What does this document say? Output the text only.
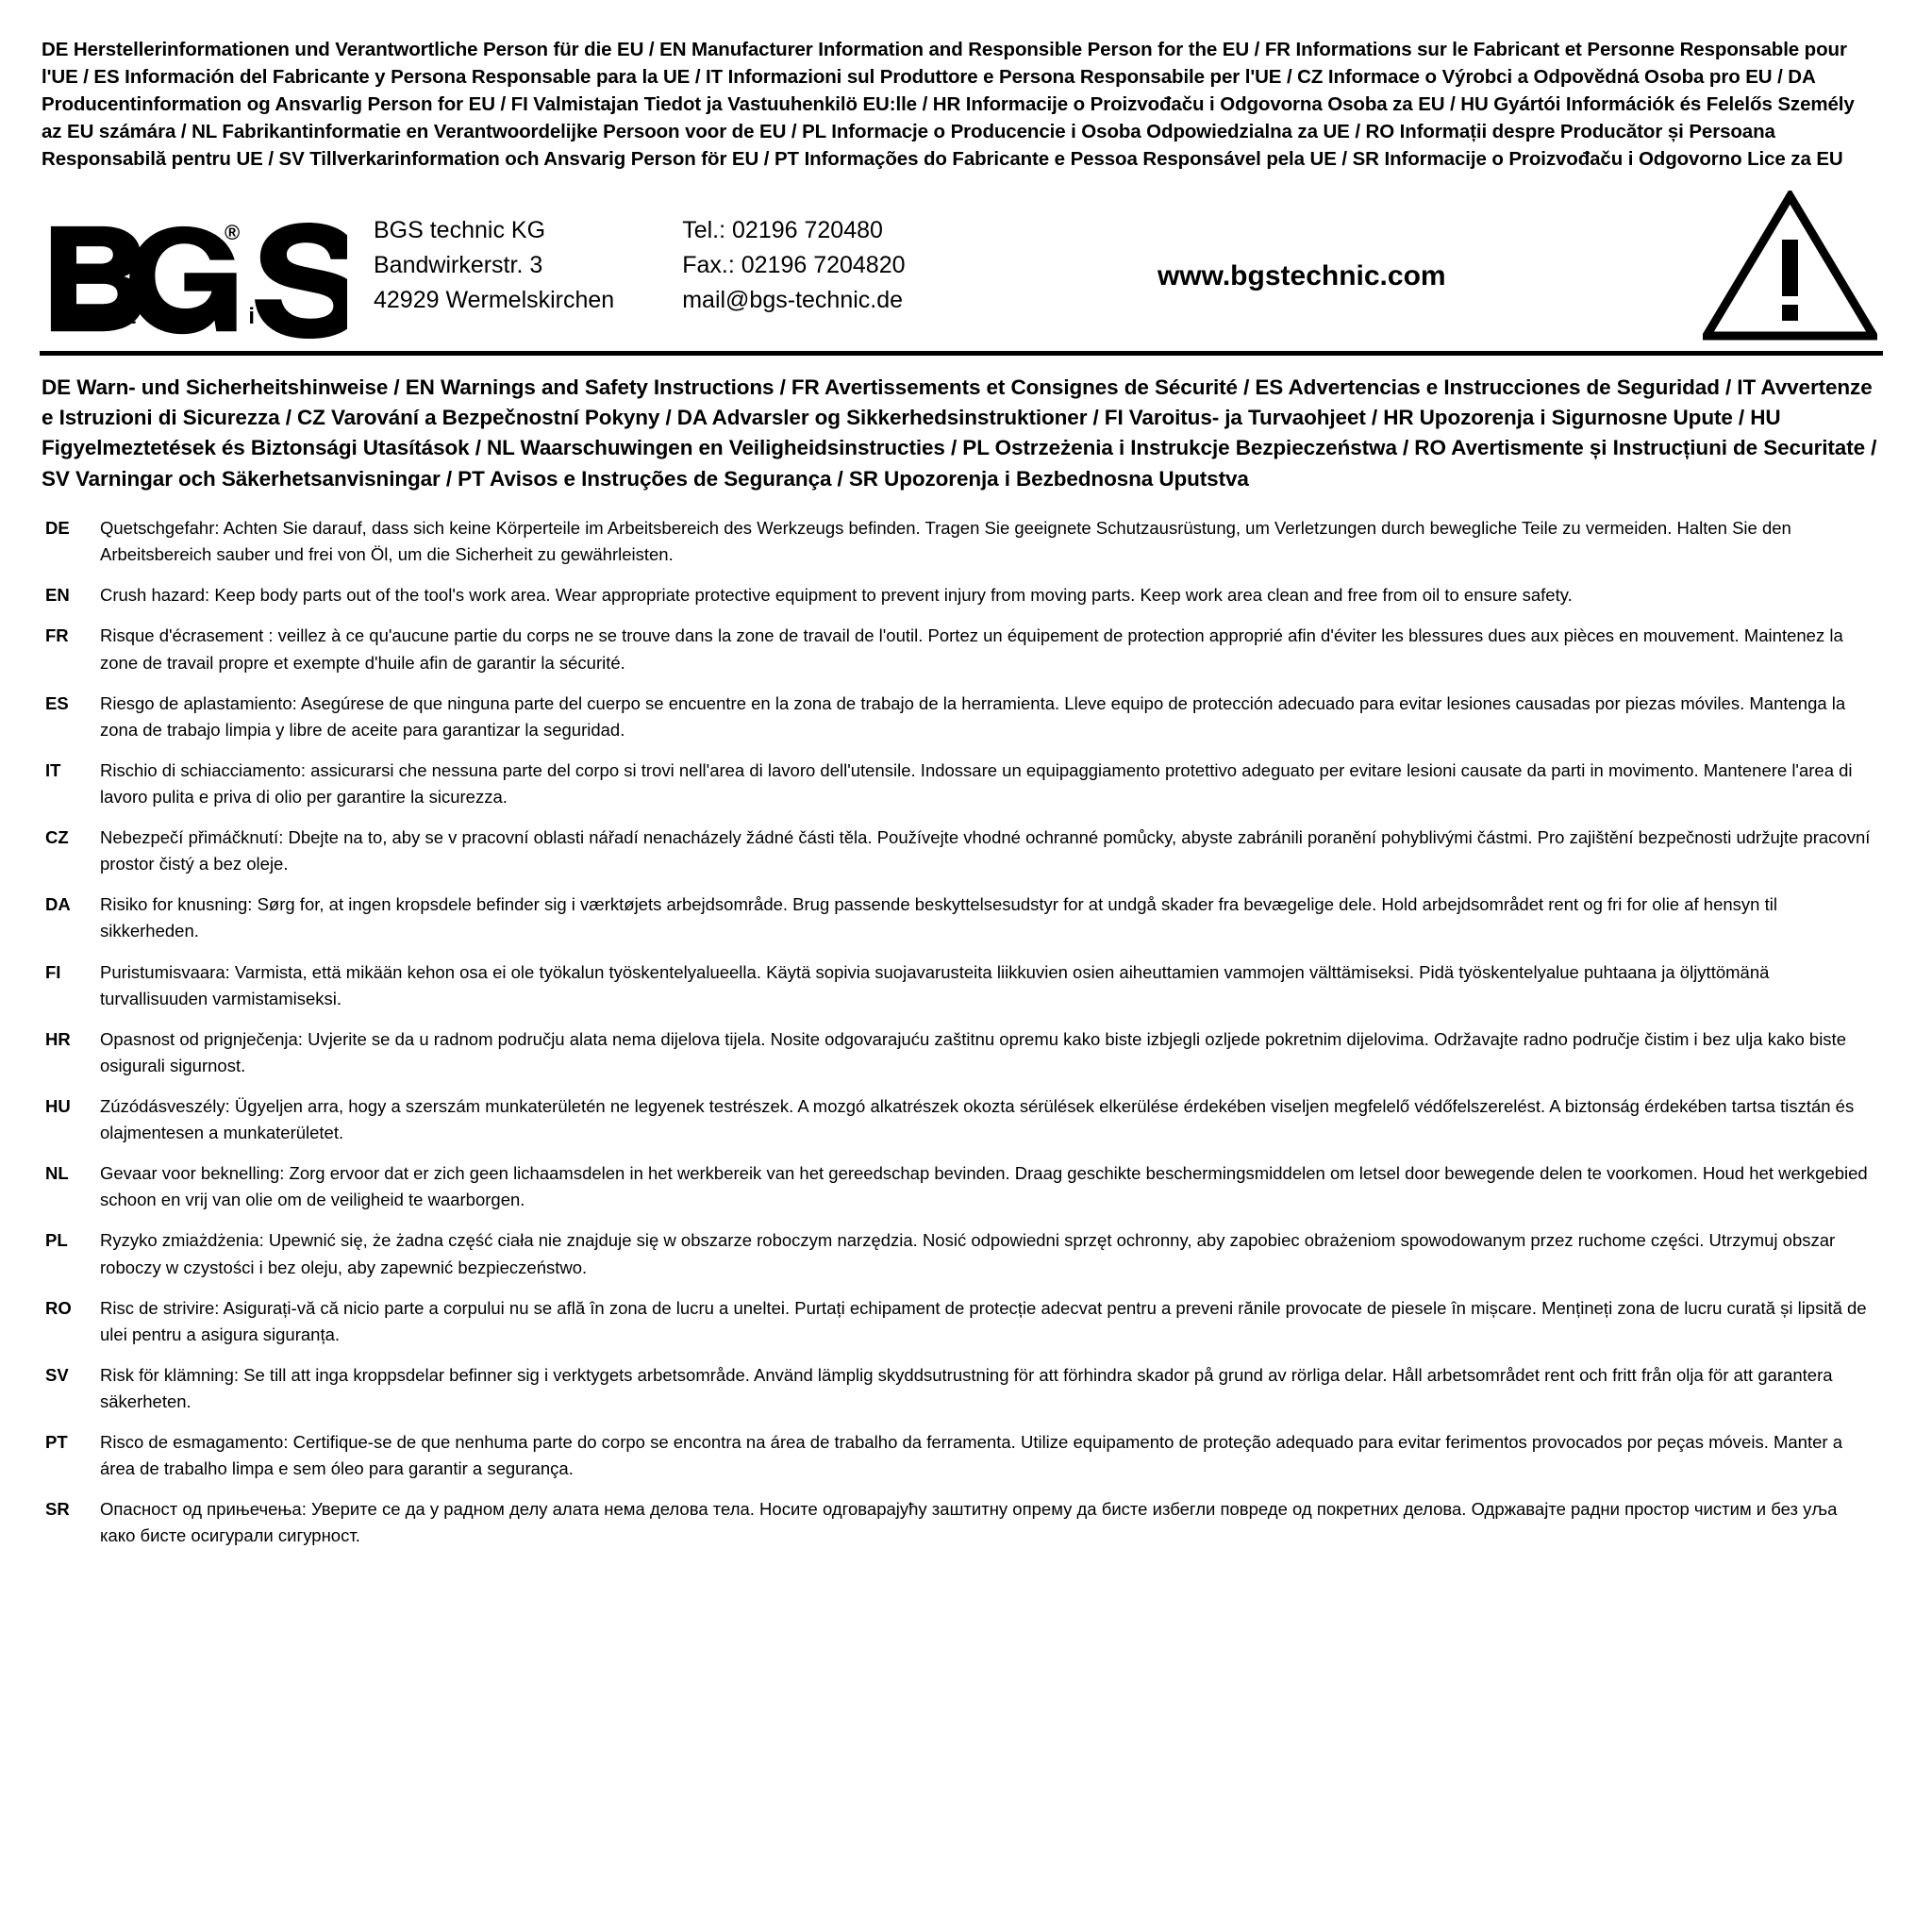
DE Herstellerinformationen und Verantwortliche Person für die EU / EN Manufacturer Information and Responsible Person for the EU / FR Informations sur le Fabricant et Personne Responsable pour l'UE / ES Información del Fabricante y Persona Responsable para la UE / IT Informazioni sul Produttore e Persona Responsabile per l'UE / CZ Informace o Výrobci a Odpovědná Osoba pro EU / DA Producentinformation og Ansvarlig Person for EU / FI Valmistajan Tiedot ja Vastuuhenkilö EU:lle / HR Informacije o Proizvođaču i Odgovorna Osoba za EU / HU Gyártói Információk és Felelős Személy az EU számára / NL Fabrikantinformatie en Verantwoordelijke Persoon voor de EU / PL Informacje o Producencie i Osoba Odpowiedzialna za UE / RO Informații despre Producător și Persoana Responsabilă pentru UE / SV Tillverkarinformation och Ansvarig Person för EU / PT Informações do Fabricante e Pessoa Responsável pela UE / SR Informacije o Proizvođaču i Odgovorno Lice za EU
®
t e c h n i c
BGS technic KG
Bandwirkerstr. 3
42929 Wermelskirchen
Tel.: 02196 720480
Fax.: 02196 7204820
mail@bgs-technic.de
www.bgstechnic.com
DE Warn- und Sicherheitshinweise / EN Warnings and Safety Instructions / FR Avertissements et Consignes de Sécurité / ES Advertencias e Instrucciones de Seguridad / IT Avvertenze e Istruzioni di Sicurezza / CZ Varování a Bezpečnostní Pokyny / DA Advarsler og Sikkerhedsinstruktioner / FI Varoitus- ja Turvaohjeet / HR Upozorenja i Sigurnosne Upute / HU Figyelmeztetések és Biztonsági Utasítások / NL Waarschuwingen en Veiligheidsinstructies / PL Ostrzeżenia i Instrukcje Bezpieczeństwa / RO Avertismente și Instrucțiuni de Securitate / SV Varningar och Säkerhetsanvisningar / PT Avisos e Instruções de Segurança / SR Upozorenja i Bezbednosna Uputstva
DE	Quetschgefahr: Achten Sie darauf, dass sich keine Körperteile im Arbeitsbereich des Werkzeugs befinden. Tragen Sie geeignete Schutzausrüstung, um Verletzungen durch bewegliche Teile zu vermeiden. Halten Sie den Arbeitsbereich sauber und frei von Öl, um die Sicherheit zu gewährleisten.
EN	Crush hazard: Keep body parts out of the tool's work area. Wear appropriate protective equipment to prevent injury from moving parts. Keep work area clean and free from oil to ensure safety.
FR	Risque d'écrasement : veillez à ce qu'aucune partie du corps ne se trouve dans la zone de travail de l'outil. Portez un équipement de protection approprié afin d'éviter les blessures dues aux pièces en mouvement. Maintenez la zone de travail propre et exempte d'huile afin de garantir la sécurité.
ES	Riesgo de aplastamiento: Asegúrese de que ninguna parte del cuerpo se encuentre en la zona de trabajo de la herramienta. Lleve equipo de protección adecuado para evitar lesiones causadas por piezas móviles. Mantenga la zona de trabajo limpia y libre de aceite para garantizar la seguridad.
IT	Rischio di schiacciamento: assicurarsi che nessuna parte del corpo si trovi nell'area di lavoro dell'utensile. Indossare un equipaggiamento protettivo adeguato per evitare lesioni causate da parti in movimento. Mantenere l'area di lavoro pulita e priva di olio per garantire la sicurezza.
CZ	Nebezpečí přimáčknutí: Dbejte na to, aby se v pracovní oblasti nářadí nenacházely žádné části těla. Používejte vhodné ochranné pomůcky, abyste zabránili poranění pohyblivými částmi. Pro zajištění bezpečnosti udržujte pracovní prostor čistý a bez oleje.
DA	Risiko for knusning: Sørg for, at ingen kropsdele befinder sig i værktøjets arbejdsområde. Brug passende beskyttelsesudstyr for at undgå skader fra bevægelige dele. Hold arbejdsområdet rent og fri for olie af hensyn til sikkerheden.
FI	Puristumisvaara: Varmista, että mikään kehon osa ei ole työkalun työskentelyalueella. Käytä sopivia suojavarusteita liikkuvien osien aiheuttamien vammojen välttämiseksi. Pidä työskentelyalue puhtaana ja öljyttömänä turvallisuuden varmistamiseksi.
HR	Opasnost od prignječenja: Uvjerite se da u radnom području alata nema dijelova tijela. Nosite odgovarajuću zaštitnu opremu kako biste izbjegli ozljede pokretnim dijelovima. Održavajte radno područje čistim i bez ulja kako biste osigurali sigurnost.
HU	Zúzódásveszély: Ügyeljen arra, hogy a szerszám munkaterületén ne legyenek testrészek. A mozgó alkatrészek okozta sérülések elkerülése érdekében viseljen megfelelő védőfelszerelést. A biztonság érdekében tartsa tisztán és olajmentesen a munkaterületet.
NL	Gevaar voor beknelling: Zorg ervoor dat er zich geen lichaamsdelen in het werkbereik van het gereedschap bevinden. Draag geschikte beschermingsmiddelen om letsel door bewegende delen te voorkomen. Houd het werkgebied schoon en vrij van olie om de veiligheid te waarborgen.
PL	Ryzyko zmiażdżenia: Upewnić się, że żadna część ciała nie znajduje się w obszarze roboczym narzędzia. Nosić odpowiedni sprzęt ochronny, aby zapobiec obrażeniom spowodowanym przez ruchome części. Utrzymuj obszar roboczy w czystości i bez oleju, aby zapewnić bezpieczeństwo.
RO	Risc de strivire: Asigurați-vă că nicio parte a corpului nu se află în zona de lucru a uneltei. Purtați echipament de protecție adecvat pentru a preveni rănile provocate de piesele în mișcare. Mențineți zona de lucru curată și lipsită de ulei pentru a asigura siguranța.
SV	Risk för klämning: Se till att inga kroppsdelar befinner sig i verktygets arbetsområde. Använd lämplig skyddsutrustning för att förhindra skador på grund av rörliga delar. Håll arbetsområdet rent och fritt från olja för att garantera säkerheten.
PT	Risco de esmagamento: Certifique-se de que nenhuma parte do corpo se encontra na área de trabalho da ferramenta. Utilize equipamento de proteção adequado para evitar ferimentos provocados por peças móveis. Manter a área de trabalho limpa e sem óleo para garantir a segurança.
SR	Опасност од прињечења: Уверите се да у радном делу алата нема делова тела. Носите одговарајућу заштитну опрему да бисте избегли повреде од покретних делова. Одржавајте радни простор чистим и без уља како бисте осигурали сигурност.
